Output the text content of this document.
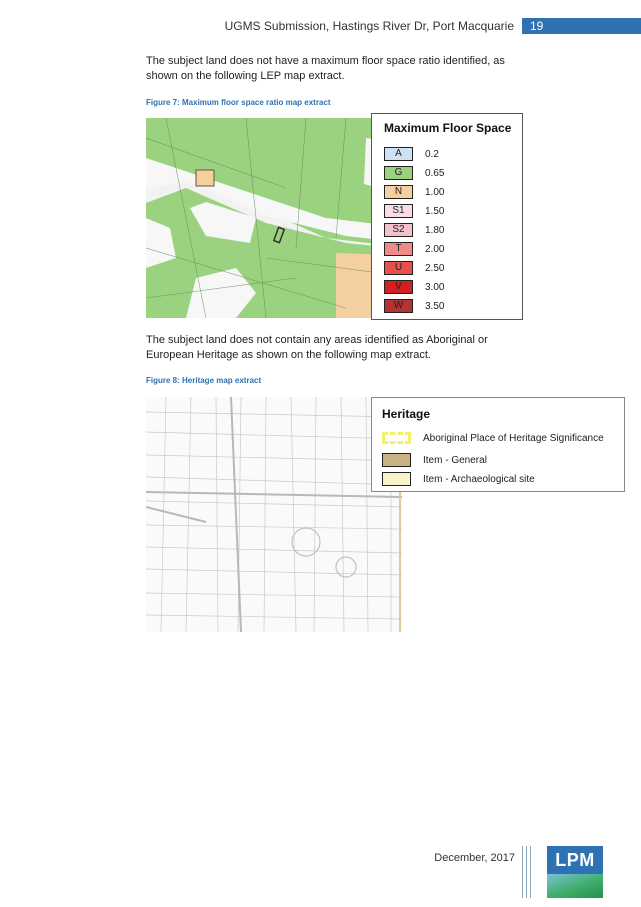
UGMS Submission, Hastings River Dr, Port Macquarie	19

The subject land does not have a maximum floor space ratio identified, as shown on the following LEP map extract.

Figure 7: Maximum floor space ratio map extract

Maximum Floor Space
A	0.2
G	0.65
N	1.00
S1	1.50
S2	1.80
T	2.00
U	2.50
V	3.00
W	3.50

The subject land does not contain any areas identified as Aboriginal or European Heritage as shown on the following map extract.

Figure 8: Heritage map extract

Heritage
Aboriginal Place of Heritage Significance
Item - General
Item - Archaeological site
December, 2017	LPM
